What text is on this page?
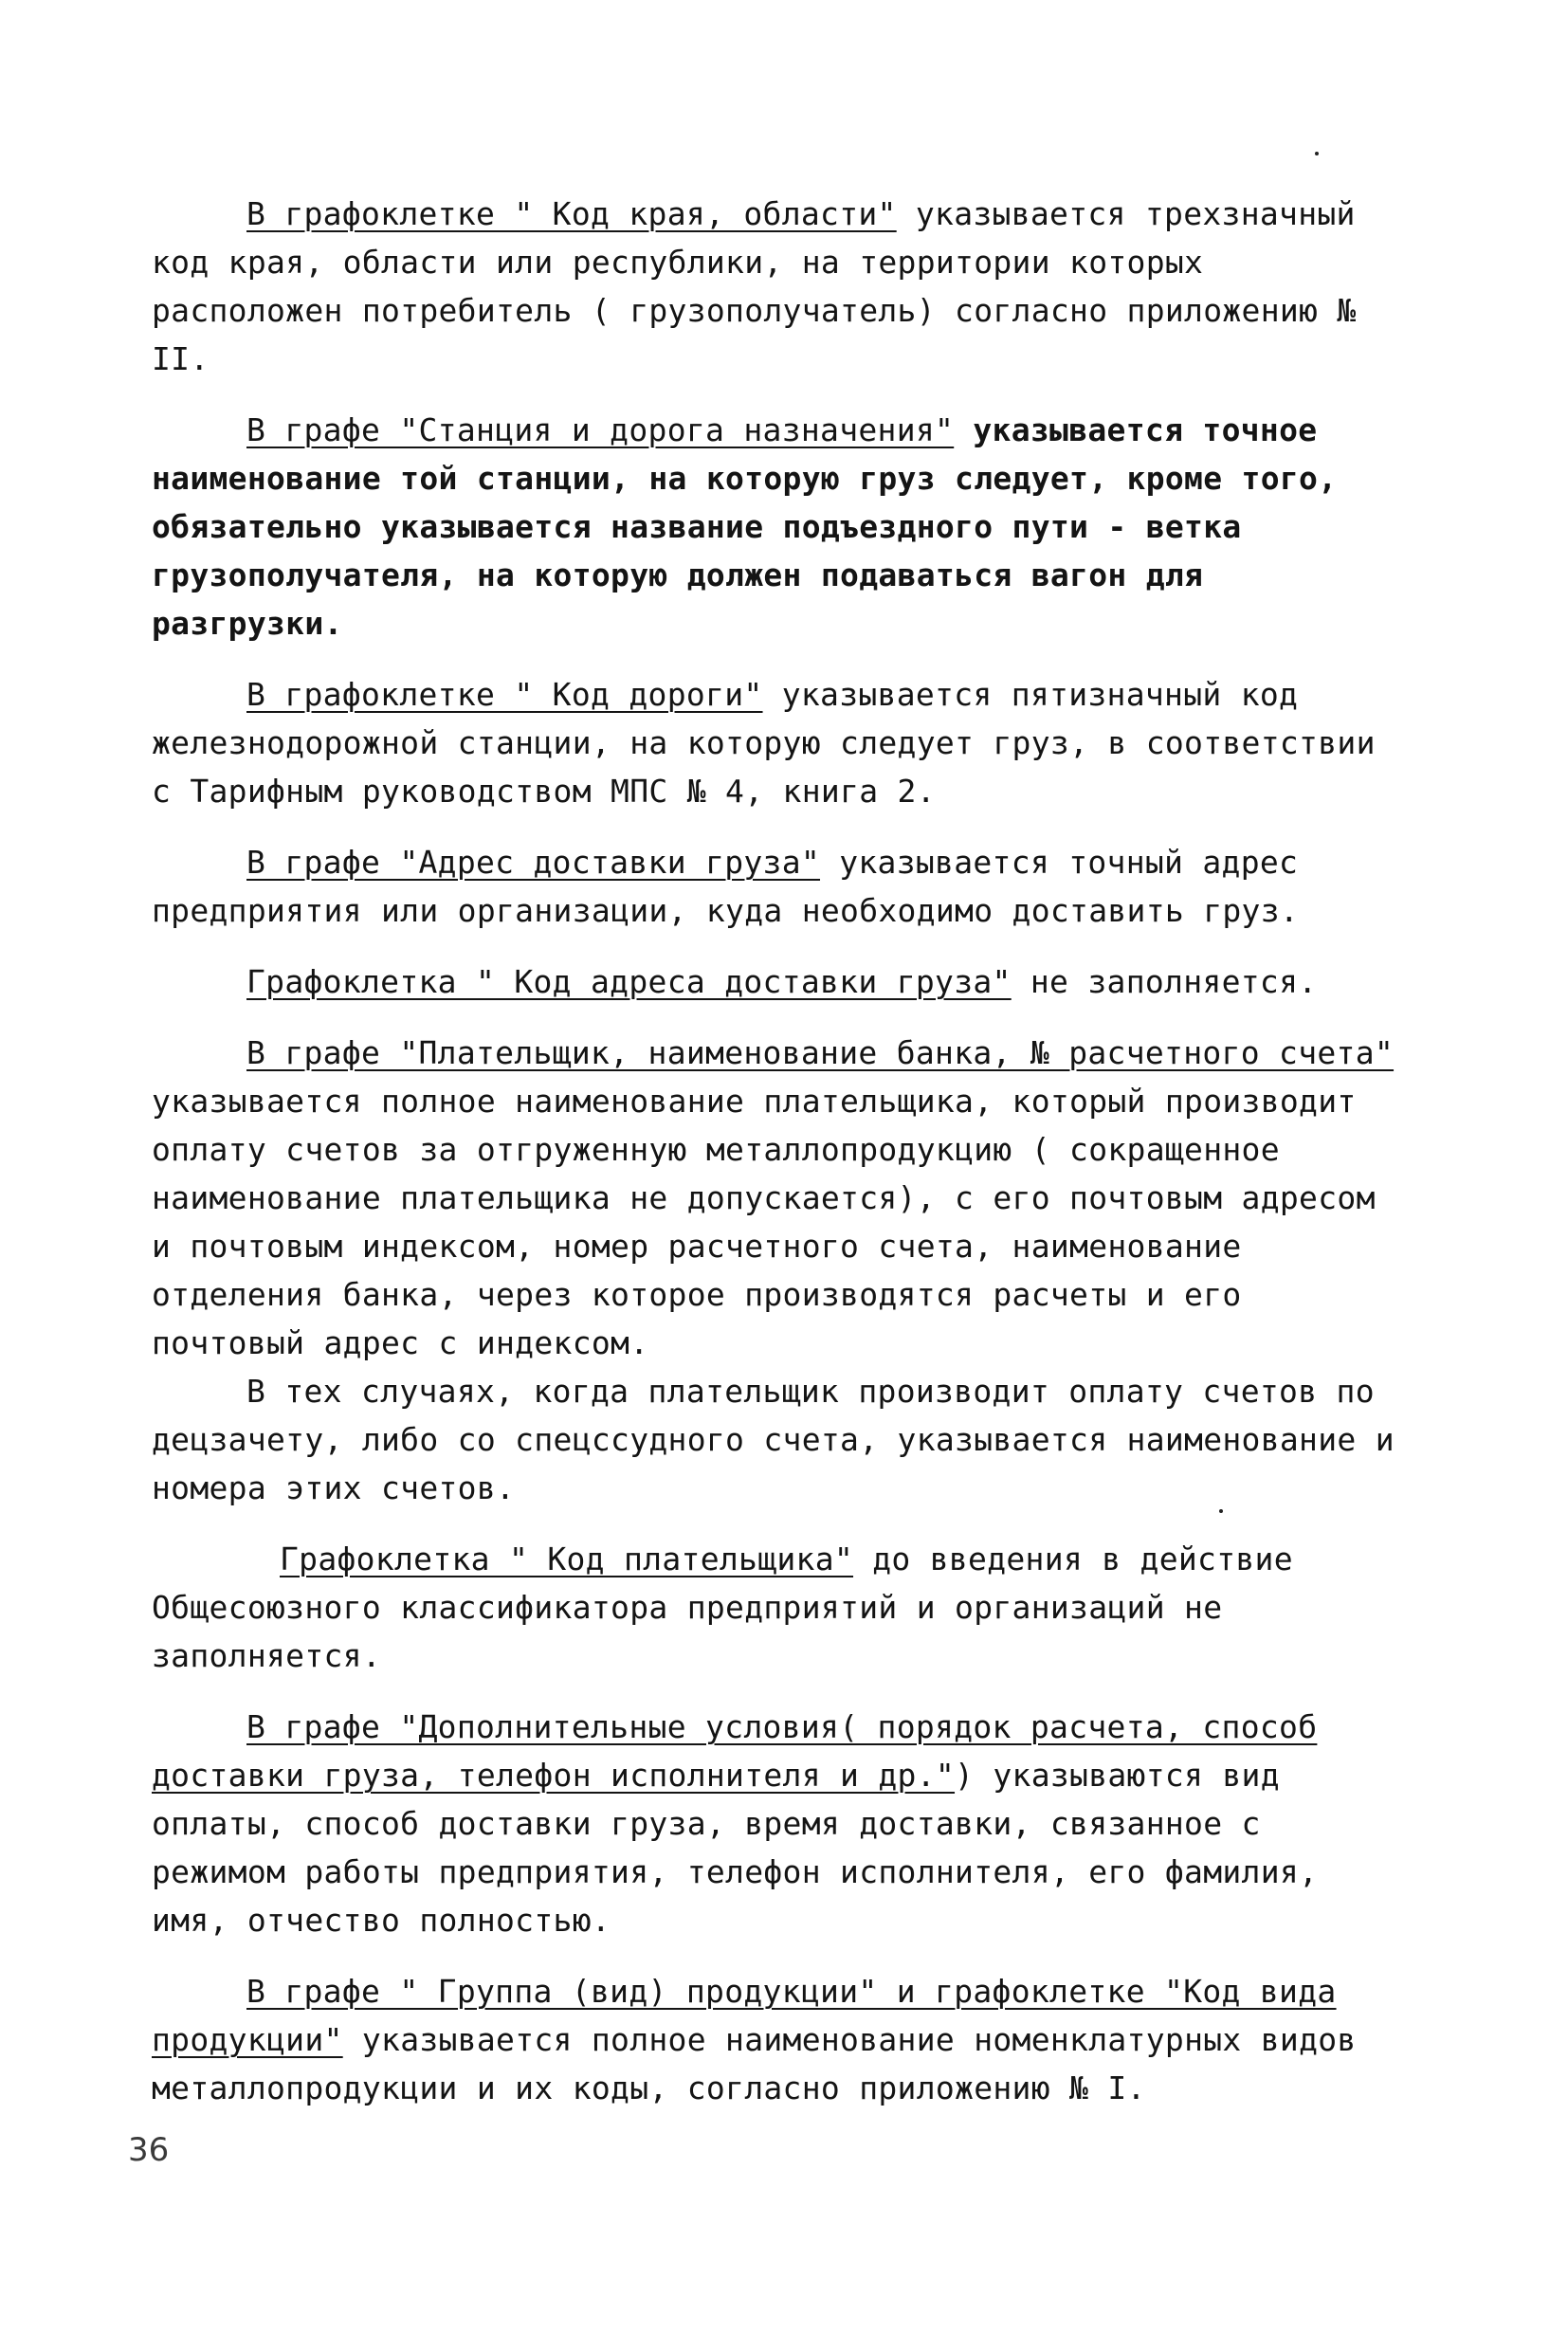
В графоклетке " Код края, области" указывается трехзначный код края, области или республики, на территории которых расположен потребитель ( грузополучатель) согласно приложению № II.

В графе "Станция и дорога назначения" указывается точное наименование той станции, на которую груз следует, кроме того, обязательно указывается название подъездного пути - ветка грузополучателя, на которую должен подаваться вагон для разгрузки.

В графоклетке " Код дороги" указывается пятизначный код железнодорожной станции, на которую следует груз, в соответствии с Тарифным руководством МПС № 4, книга 2.

В графе "Адрес доставки груза" указывается точный адрес предприятия или организации, куда необходимо доставить груз.

Графоклетка " Код адреса доставки груза" не заполняется.

В графе "Плательщик, наименование банка, № расчетного счета" указывается полное наименование плательщика, который производит оплату счетов за отгруженную металлопродукцию ( сокращенное наименование плательщика не допускается), с его почтовым адресом и почтовым индексом, номер расчетного счета, наименование отделения банка, через которое производятся расчеты и его почтовый адрес с индексом.

В тех случаях, когда плательщик производит оплату счетов по децзачету, либо со спецссудного счета, указывается наименование и номера этих счетов.

Графоклетка " Код плательщика" до введения в действие Общесоюзного классификатора предприятий и организаций не заполняется.

В графе "Дополнительные условия( порядок расчета, способ доставки груза, телефон исполнителя и др.") указываются вид оплаты, способ доставки груза, время доставки, связанное с режимом работы предприятия, телефон исполнителя, его фамилия, имя, отчество полностью.

В графе " Группа (вид) продукции" и графоклетке "Код вида продукции" указывается полное наименование номенклатурных видов металлопродукции и их коды, согласно приложению № I.

36
